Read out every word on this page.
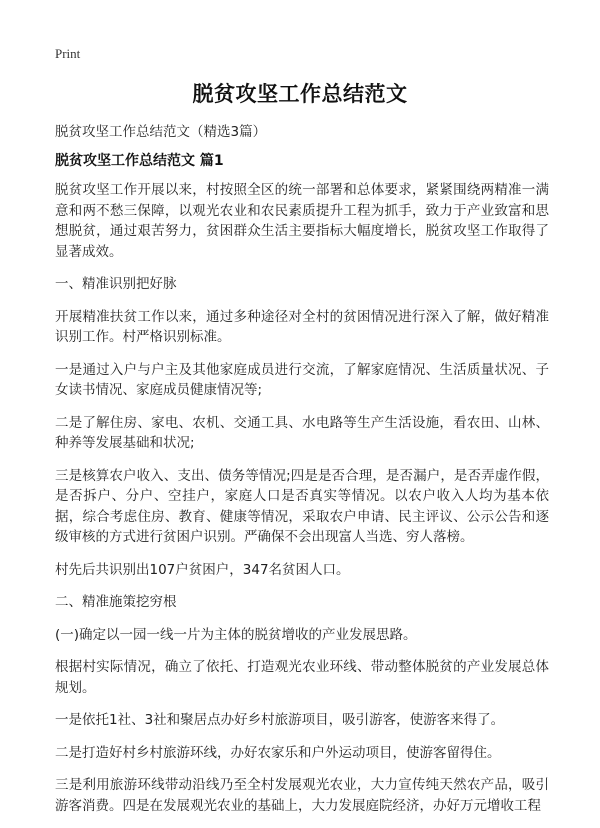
Print
脱贫攻坚工作总结范文
脱贫攻坚工作总结范文（精选3篇）
脱贫攻坚工作总结范文 篇1

脱贫攻坚工作开展以来，村按照全区的统一部署和总体要求，紧紧围绕两精准一满意和两不愁三保障，以观光农业和农民素质提升工程为抓手，致力于产业致富和思想脱贫，通过艰苦努力，贫困群众生活主要指标大幅度增长，脱贫攻坚工作取得了显著成效。

一、精准识别把好脉

开展精准扶贫工作以来，通过多种途径对全村的贫困情况进行深入了解，做好精准识别工作。村严格识别标准。

一是通过入户与户主及其他家庭成员进行交流，了解家庭情况、生活质量状况、子女读书情况、家庭成员健康情况等;

二是了解住房、家电、农机、交通工具、水电路等生产生活设施，看农田、山林、种养等发展基础和状况;

三是核算农户收入、支出、债务等情况;四是是否合理，是否漏户，是否弄虚作假，是否拆户、分户、空挂户，家庭人口是否真实等情况。以农户收入人均为基本依据，综合考虑住房、教育、健康等情况，采取农户申请、民主评议、公示公告和逐级审核的方式进行贫困户识别。严确保不会出现富人当选、穷人落榜。

村先后共识别出107户贫困户，347名贫困人口。

二、精准施策挖穷根

(一)确定以一园一线一片为主体的脱贫增收的产业发展思路。

根据村实际情况，确立了依托、打造观光农业环线、带动整体脱贫的产业发展总体规划。

一是依托1社、3社和聚居点办好乡村旅游项目，吸引游客，使游客来得了。

二是打造好村乡村旅游环线，办好农家乐和户外运动项目，使游客留得住。

三是利用旅游环线带动沿线乃至全村发展观光农业，大力宣传纯天然农产品，吸引游客消费。四是在发展观光农业的基础上，大力发展庭院经济，办好万元增收工程
